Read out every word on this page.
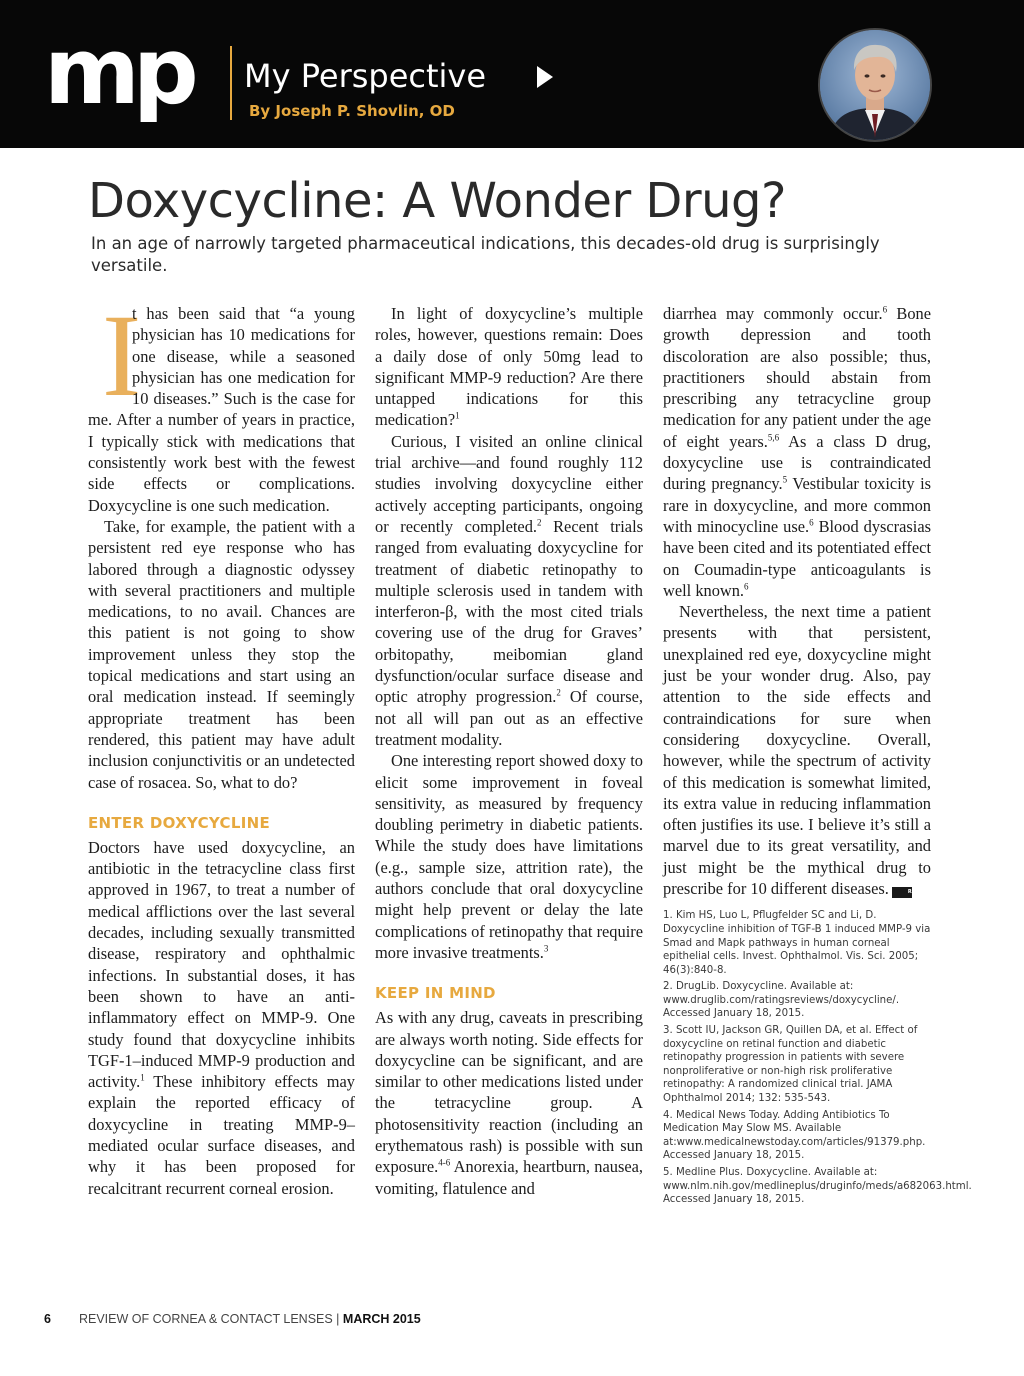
mp My Perspective
By Joseph P. Shovlin, OD
Doxycycline: A Wonder Drug?

In an age of narrowly targeted pharmaceutical indications, this decades-old drug is surprisingly versatile.

I

t has been said that “a young physician has 10 medications for one disease, while a seasoned physician has one medication for 10 diseases.” Such is the case for me. After a number of years in practice, I typically stick with medications that consistently work best with the fewest side effects or complications. Doxycycline is one such medication.

Take, for example, the patient with a persistent red eye response who has labored through a diagnostic odyssey with several practitioners and multiple medications, to no avail. Chances are this patient is not going to show improvement unless they stop the topical medications and start using an oral medication instead. If seemingly appropriate treatment has been rendered, this patient may have adult inclusion conjunctivitis or an undetected case of rosacea. So, what to do?

ENTER DOXYCYCLINE

Doctors have used doxycycline, an antibiotic in the tetracycline class first approved in 1967, to treat a number of medical afflictions over the last several decades, including sexually transmitted disease, respiratory and ophthalmic infections. In substantial doses, it has been shown to have an anti-inflammatory effect on MMP-9. One study found that doxycycline inhibits TGF-1–induced MMP-9 production and activity.$^1$ These inhibitory effects may explain the reported efficacy of doxycycline in treating MMP-9–mediated ocular surface diseases, and why it has been proposed for recalcitrant recurrent corneal erosion.

In light of doxycycline’s multiple roles, however, questions remain: Does a daily dose of only 50mg lead to significant MMP-9 reduction? Are there untapped indications for this medication?$^1$

Curious, I visited an online clinical trial archive—and found roughly 112 studies involving doxycycline either actively accepting participants, ongoing or recently completed.$^2$ Recent trials ranged from evaluating doxycycline for treatment of diabetic retinopathy to multiple sclerosis used in tandem with interferon-β, with the most cited trials covering use of the drug for Graves’ orbitopathy, meibomian gland dysfunction/ocular surface disease and optic atrophy progression.$^2$ Of course, not all will pan out as an effective treatment modality.

One interesting report showed doxy to elicit some improvement in foveal sensitivity, as measured by frequency doubling perimetry in diabetic patients. While the study does have limitations (e.g., sample size, attrition rate), the authors conclude that oral doxycycline might help prevent or delay the late complications of retinopathy that require more invasive treatments.$^3$

KEEP IN MIND

As with any drug, caveats in prescribing are always worth noting. Side effects for doxycycline can be significant, and are similar to other medications listed under the tetracycline group. A photosensitivity reaction (including an erythematous rash) is possible with sun exposure.$^{4-6}$ Anorexia, heartburn, nausea, vomiting, flatulence and

diarrhea may commonly occur.$^6$ Bone growth depression and tooth discoloration are also possible; thus, practitioners should abstain from prescribing any tetracycline group medication for any patient under the age of eight years.$^{5,6}$ As a class D drug, doxycycline use is contraindicated during pregnancy.$^5$ Vestibular toxicity is rare in doxycycline, and more common with minocycline use.$^6$ Blood dyscrasias have been cited and its potentiated effect on Coumadin-type anticoagulants is well known.$^6$

Nevertheless, the next time a patient presents with that persistent, unexplained red eye, doxycycline might just be your wonder drug. Also, pay attention to the side effects and contraindications for sure when considering doxycycline. Overall, however, while the spectrum of activity of this medication is somewhat limited, its extra value in reducing inflammation often justifies its use. I believe it’s still a marvel due to its great versatility, and just might be the mythical drug to prescribe for 10 different diseases.	RCCL

1. Kim HS, Luo L, Pflugfelder SC and Li, D. Doxycycline inhibition of TGF-B 1 induced MMP-9 via Smad and Mapk pathways in human corneal epithelial cells. Invest. Ophthalmol. Vis. Sci. 2005; 46(3):840-8.
2. DrugLib. Doxycycline. Available at: www.druglib.com/ratingsreviews/doxycycline/. Accessed January 18, 2015.
3. Scott IU, Jackson GR, Quillen DA, et al. Effect of doxycycline on retinal function and diabetic retinopathy progression in patients with severe nonproliferative or non-high risk proliferative retinopathy: A randomized clinical trial. JAMA Ophthalmol 2014; 132: 535-543.
4. Medical News Today. Adding Antibiotics To Medication May Slow MS. Available at:www.medicalnewstoday.com/articles/91379.php. Accessed January 18, 2015.
5. Medline Plus. Doxycycline. Available at: www.nlm.nih.gov/medlineplus/druginfo/meds/a682063.html. Accessed January 18, 2015.
6 REVIEW OF CORNEA & CONTACT LENSES | MARCH 2015
